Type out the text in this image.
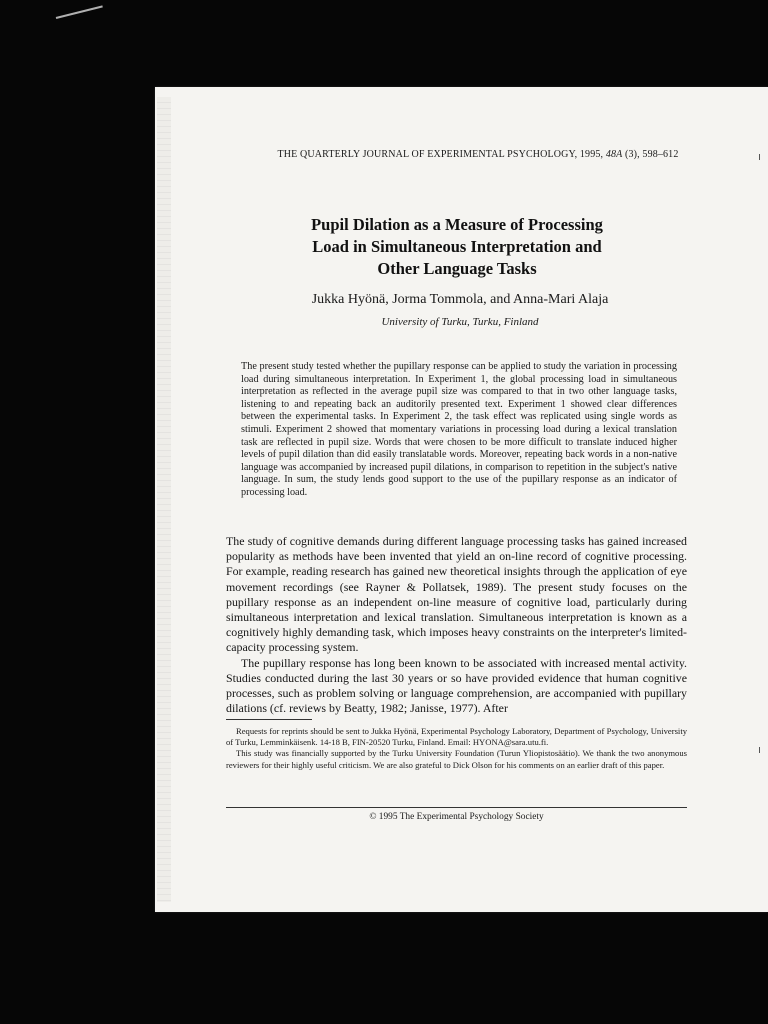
THE QUARTERLY JOURNAL OF EXPERIMENTAL PSYCHOLOGY, 1995, 48A (3), 598–612
Pupil Dilation as a Measure of Processing
Load in Simultaneous Interpretation and
Other Language Tasks
Jukka Hyönä, Jorma Tommola, and Anna-Mari Alaja
University of Turku, Turku, Finland

The present study tested whether the pupillary response can be applied to study the variation in processing load during simultaneous interpretation. In Experiment 1, the global processing load in simultaneous interpretation as reflected in the average pupil size was compared to that in two other language tasks, listening to and repeating back an auditorily presented text. Experiment 1 showed clear differences between the experimental tasks. In Experiment 2, the task effect was replicated using single words as stimuli. Experiment 2 showed that momentary variations in processing load during a lexical translation task are reflected in pupil size. Words that were chosen to be more difficult to translate induced higher levels of pupil dilation than did easily translatable words. Moreover, repeating back words in a non-native language was accompanied by increased pupil dilations, in comparison to repetition in the subject's native language. In sum, the study lends good support to the use of the pupillary response as an indicator of processing load.

The study of cognitive demands during different language processing tasks has gained increased popularity as methods have been invented that yield an on-line record of cognitive processing. For example, reading research has gained new theoretical insights through the application of eye movement recordings (see Rayner & Pollatsek, 1989). The present study focuses on the pupillary response as an independent on-line measure of cognitive load, particularly during simultaneous interpretation and lexical translation. Simultaneous interpretation is known as a cognitively highly demanding task, which imposes heavy constraints on the interpreter's limited-capacity processing system.

The pupillary response has long been known to be associated with increased mental activity. Studies conducted during the last 30 years or so have provided evidence that human cognitive processes, such as problem solving or language comprehension, are accompanied with pupillary dilations (cf. reviews by Beatty, 1982; Janisse, 1977). After

Requests for reprints should be sent to Jukka Hyönä, Experimental Psychology Laboratory, Department of Psychology, University of Turku, Lemminkäisenk. 14-18 B, FIN-20520 Turku, Finland. Email: HYONA@sara.utu.fi.

This study was financially supported by the Turku University Foundation (Turun Yliopistosäätio). We thank the two anonymous reviewers for their highly useful criticism. We are also grateful to Dick Olson for his comments on an earlier draft of this paper.

© 1995 The Experimental Psychology Society
